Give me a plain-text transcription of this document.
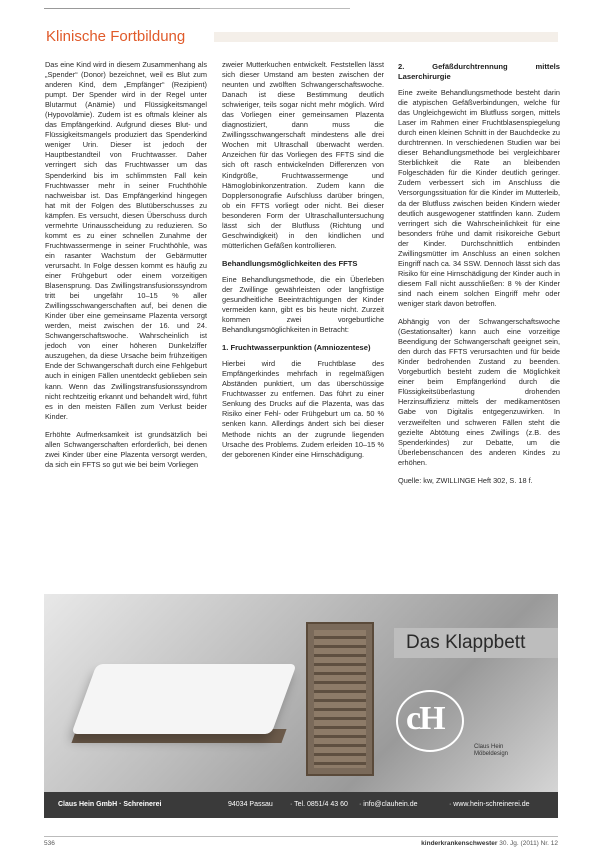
Klinische Fortbildung

Das eine Kind wird in diesem Zusammenhang als „Spender“ (Donor) bezeichnet, weil es Blut zum anderen Kind, dem „Empfänger“ (Rezipient) pumpt. Der Spender wird in der Regel unter Blutarmut (Anämie) und Flüssigkeitsmangel (Hypovolämie). Zudem ist es oftmals kleiner als das Empfängerkind. Aufgrund dieses Blut- und Flüssigkeitsmangels produziert das Spenderkind weniger Urin. Dieser ist jedoch der Hauptbestandteil von Fruchtwasser. Daher verringert sich das Fruchtwasser um das Spenderkind bis im schlimmsten Fall kein Fruchtwasser mehr in seiner Fruchthöhle nachweisbar ist. Das Empfängerkind hingegen hat mit der Folgen des Blutüberschusses zu kämpfen. Es versucht, diesen Überschuss durch vermehrte Urinausscheidung zu reduzieren. So kommt es zu einer schnellen Zunahme der Fruchtwassermenge in seiner Fruchthöhle, was ein rasanter Wachstum der Gebärmutter verursacht. In Folge dessen kommt es häufig zu einer Frühgeburt oder einem vorzeitigen Blasensprung. Das Zwillingstransfusionssyndrom tritt bei ungefähr 10–15 % aller Zwillingsschwangerschaften auf, bei denen die Kinder über eine gemeinsame Plazenta versorgt werden, meist zwischen der 16. und 24. Schwangerschaftswoche. Wahrscheinlich ist jedoch von einer höheren Dunkelziffer auszugehen, da diese Ursache beim frühzeitigen Ende der Schwangerschaft durch eine Fehlgeburt auch in einigen Fällen unentdeckt geblieben sein kann. Wenn das Zwillingstransfusionssyndrom nicht rechtzeitig erkannt und behandelt wird, führt es in den meisten Fällen zum Verlust beider Kinder.

Erhöhte Aufmerksamkeit ist grundsätzlich bei allen Schwangerschaften erforderlich, bei denen zwei Kinder über eine Plazenta versorgt werden, da sich ein FFTS so gut wie bei beim Vorliegen

zweier Mutterkuchen entwickelt. Feststellen lässt sich dieser Umstand am besten zwischen der neunten und zwölften Schwangerschaftswoche. Danach ist diese Bestimmung deutlich schwieriger, teils sogar nicht mehr möglich. Wird das Vorliegen einer gemeinsamen Plazenta diagnostiziert, dann muss die Zwillingsschwangerschaft mindestens alle drei Wochen mit Ultraschall überwacht werden. Anzeichen für das Vorliegen des FFTS sind die sich oft rasch entwickelnden Differenzen von Kindgröße, Fruchtwassermenge und Hämoglobinkonzentration. Zudem kann die Dopplersonografie Aufschluss darüber bringen, ob ein FFTS vorliegt oder nicht. Bei dieser besonderen Form der Ultraschalluntersuchung lässt sich der Blutfluss (Richtung und Geschwindigkeit) in den kindlichen und mütterlichen Gefäßen kontrollieren.

Behandlungsmöglichkeiten des FFTS

Eine Behandlungsmethode, die ein Überleben der Zwillinge gewährleisten oder langfristige gesundheitliche Beeinträchtigungen der Kinder vermeiden kann, gibt es bis heute nicht. Zurzeit kommen zwei vorgeburtliche Behandlungsmöglichkeiten in Betracht:

1. Fruchtwasserpunktion (Amniozentese)

Hierbei wird die Fruchtblase des Empfängerkindes mehrfach in regelmäßigen Abständen punktiert, um das überschüssige Fruchtwasser zu entfernen. Das führt zu einer Senkung des Drucks auf die Plazenta, was das Risiko einer Fehl- oder Frühgeburt um ca. 50 % senken kann. Allerdings ändert sich bei dieser Methode nichts an der zugrunde liegenden Ursache des Problems. Zudem erleiden 10–15 % der geborenen Kinder eine Hirnschädigung.

2. Gefäßdurchtrennung mittels Laserchirurgie

Eine zweite Behandlungsmethode besteht darin die atypischen Gefäßverbindungen, welche für das Ungleichgewicht im Blutfluss sorgen, mittels Laser im Rahmen einer Fruchtblasenspiegelung durch einen kleinen Schnitt in der Bauchdecke zu durchtrennen. In verschiedenen Studien war bei dieser Behandlungsmethode bei vergleichbarer Sterblichkeit die Rate an bleibenden Folgeschäden für die Kinder deutlich geringer. Zudem verbessert sich im Anschluss die Versorgungssituation für die Kinder im Mutterleib, da der Blutfluss zwischen beiden Kindern wieder deutlich ausgewogener stattfinden kann. Zudem verringert sich die Wahrscheinlichkeit für eine besonders frühe und damit risikoreiche Geburt der Kinder. Durchschnittlich entbinden Zwillingsmütter im Anschluss an einen solchen Eingriff nach ca. 34 SSW. Dennoch lässt sich das Risiko für eine Hirnschädigung der Kinder auch in diesem Fall nicht ausschließen: 8 % der Kinder sind nach einem solchen Eingriff mehr oder weniger stark davon betroffen.

Abhängig von der Schwangerschaftswoche (Gestationsalter) kann auch eine vorzeitige Beendigung der Schwangerschaft geeignet sein, den durch das FFTS verursachten und für beide Kinder bedrohenden Zustand zu beenden. Vorgeburtlich besteht zudem die Möglichkeit einer beim Empfängerkind durch die Flüssigkeitsüberlastung drohenden Herzinsuffizienz mittels der medikamentösen Gabe von Digitalis entgegenzuwirken. In verzweifelten und schweren Fällen steht die gezielte Abtötung eines Zwillings (z.B. des Spenderkindes) zur Debatte, um die Überlebenschancen des anderen Kindes zu erhöhen.

Quelle: kw, ZWILLINGE Heft 302, S. 18 f.

Das Klappbett
cH
Claus Hein
Möbeldesign
Foto: Claus Hein
Claus Hein GmbH · Schreinerei	94034 Passau · Tel. 0851/4 43 60 · info@clauhein.de	· www.hein-schreinerei.de
536	kinderkrankenschwester 30. Jg. (2011) Nr. 12
